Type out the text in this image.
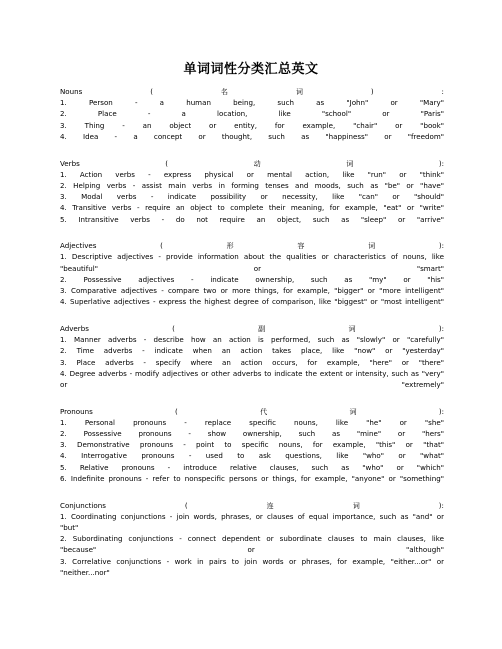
单词词性分类汇总英文
Nouns	(	名	词	)	:
1. Person - a human being, such as "John" or "Mary"
2. Place - a location, like "school" or "Paris"
3. Thing - an object or entity, for example, "chair" or "book"
4. Idea - a concept or thought, such as "happiness" or "freedom"
Verbs	(	动	词	):
1. Action verbs - express physical or mental action, like "run" or "think"
2. Helping verbs - assist main verbs in forming tenses and moods, such as "be" or "have"
3. Modal verbs - indicate possibility or necessity, like "can" or "should"
4. Transitive verbs - require an object to complete their meaning, for example, "eat" or "write"
5. Intransitive verbs - do not require an object, such as "sleep" or "arrive"
Adjectives	(	形	容	词	):
1. Descriptive adjectives - provide information about the qualities or characteristics of nouns, like
"beautiful"	or	"smart"
2. Possessive adjectives - indicate ownership, such as "my" or "his"
3. Comparative adjectives - compare two or more things, for example, "bigger" or "more intelligent"
4. Superlative adjectives - express the highest degree of comparison, like "biggest" or "most intelligent"
Adverbs	(	副	词	):
1. Manner adverbs - describe how an action is performed, such as "slowly" or "carefully"
2. Time adverbs - indicate when an action takes place, like "now" or "yesterday"
3. Place adverbs - specify where an action occurs, for example, "here" or "there"
4. Degree adverbs - modify adjectives or other adverbs to indicate the extent or intensity, such as "very"
or	"extremely"
Pronouns	(	代	词	):
1. Personal pronouns - replace specific nouns, like "he" or "she"
2. Possessive pronouns - show ownership, such as "mine" or "hers"
3. Demonstrative pronouns - point to specific nouns, for example, "this" or "that"
4. Interrogative pronouns - used to ask questions, like "who" or "what"
5. Relative pronouns - introduce relative clauses, such as "who" or "which"
6. Indefinite pronouns - refer to nonspecific persons or things, for example, "anyone" or "something"
Conjunctions	(	连	词	):
1. Coordinating conjunctions - join words, phrases, or clauses of equal importance, such as "and" or
"but"
2. Subordinating conjunctions - connect dependent or subordinate clauses to main clauses, like
"because"	or	"although"
3. Correlative conjunctions - work in pairs to join words or phrases, for example, "either...or" or
"neither...nor"
